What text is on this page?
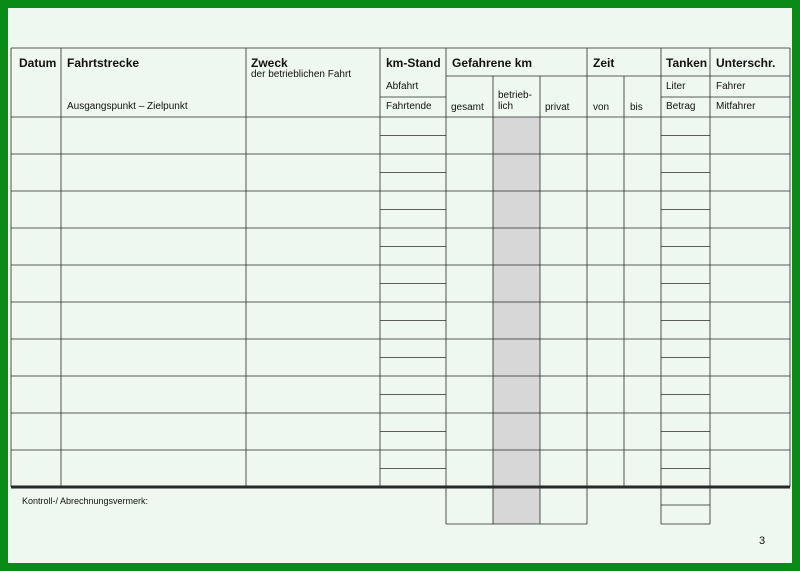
Datum Fahrtstrecke
Ausgangspunkt – Zielpunkt
Zweck
der betrieblichen Fahrt
km-Stand
Abfahrt
Fahrtende
Gefahrene km
gesamt
betrieb-
lich	privat
Zeit
von bis
Tanken
Liter
Betrag
Unterschr.
Fahrer
Mitfahrer
Kontroll-/ Abrechnungsvermerk:
3
